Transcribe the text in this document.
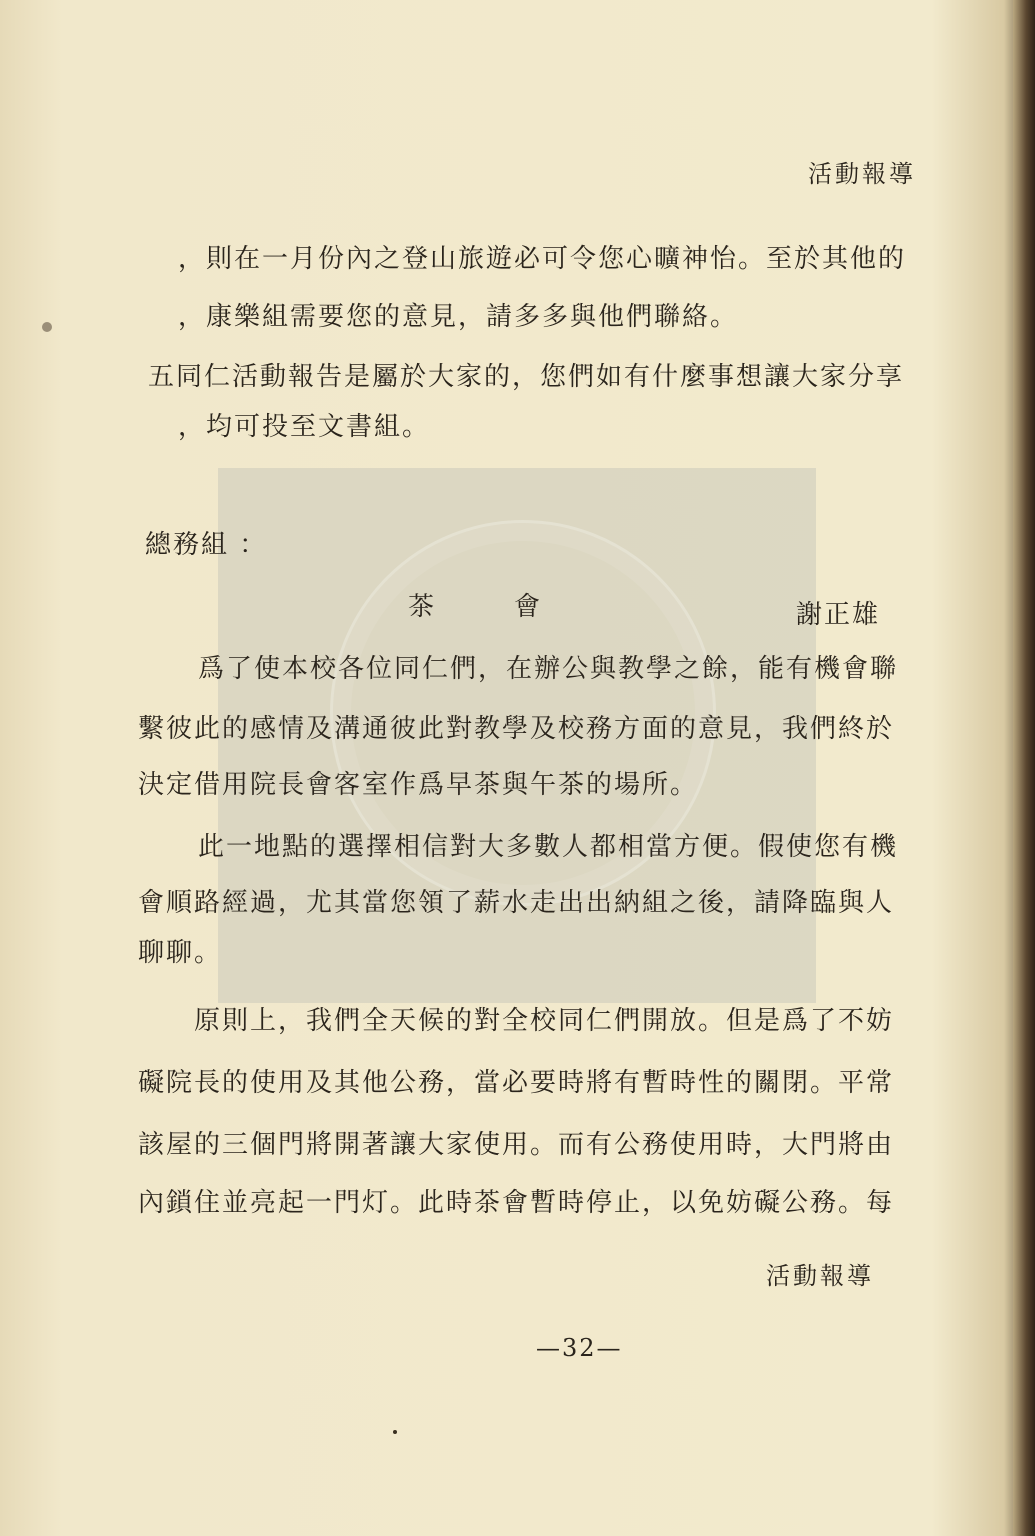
活動報導
，則在一月份內之登山旅遊必可令您心曠神怡。至於其他的
，康樂組需要您的意見，請多多與他們聯絡。
五同仁活動報告是屬於大家的，您們如有什麼事想讓大家分享
，均可投至文書組。
總務組 ：
茶會	謝正雄
爲了使本校各位同仁們，在辦公與教學之餘，能有機會聯
繫彼此的感情及溝通彼此對教學及校務方面的意見，我們終於
決定借用院長會客室作爲早茶與午茶的場所。
此一地點的選擇相信對大多數人都相當方便。假使您有機
會順路經過，尤其當您領了薪水走出出納組之後，請降臨與人
聊聊。
原則上，我們全天候的對全校同仁們開放。但是爲了不妨
礙院長的使用及其他公務，當必要時將有暫時性的關閉。平常
該屋的三個門將開著讓大家使用。而有公務使用時，大門將由
內鎖住並亮起一門灯。此時茶會暫時停止，以免妨礙公務。每
活動報導
—32—
